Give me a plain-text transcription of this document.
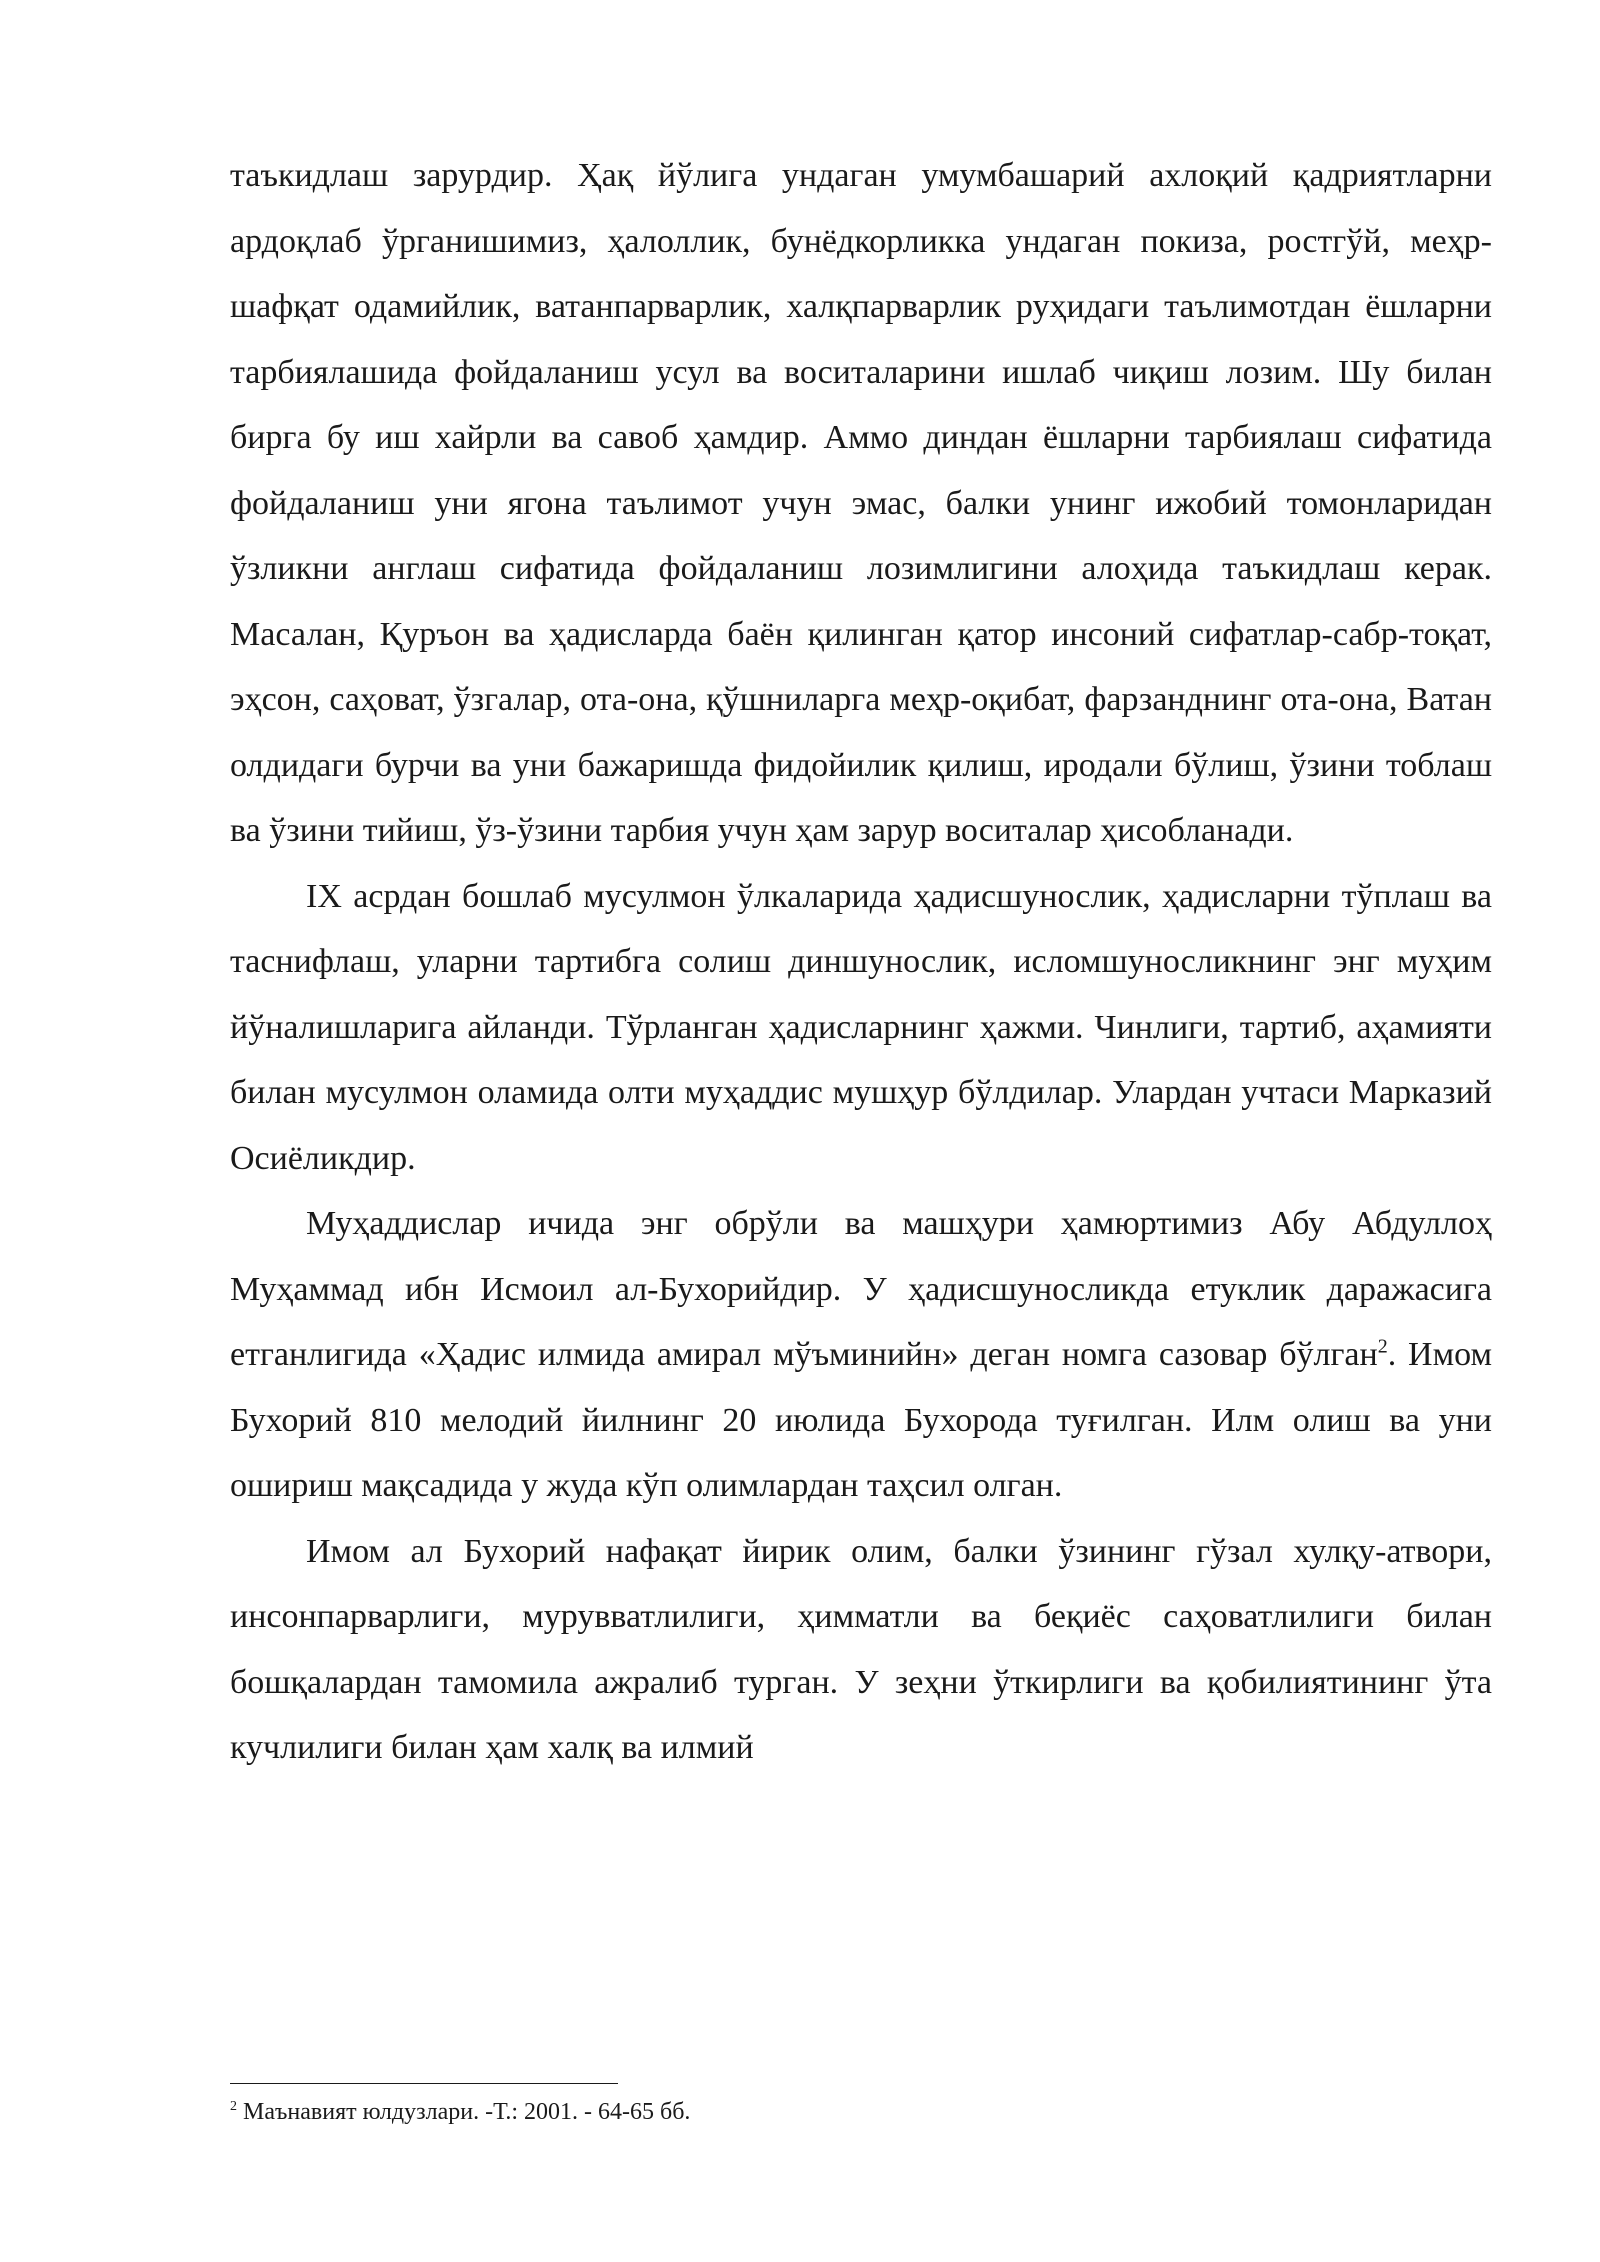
таъкидлаш зарурдир. Ҳақ йўлига ундаган умумбашарий ахлоқий қадриятларни ардоқлаб ўрганишимиз, ҳалоллик, бунёдкорликка ундаган покиза, ростгўй, меҳр-шафқат одамийлик, ватанпарварлик, халқпарварлик руҳидаги таълимотдан ёшларни тарбиялашида фойдаланиш усул ва воситаларини ишлаб чиқиш лозим. Шу билан бирга бу иш хайрли ва савоб ҳамдир. Аммо диндан ёшларни тарбиялаш сифатида фойдаланиш уни ягона таълимот учун эмас, балки унинг ижобий томонларидан ўзликни англаш сифатида фойдаланиш лозимлигини алоҳида таъкидлаш керак. Масалан, Қуръон ва ҳадисларда баён қилинган қатор инсоний сифатлар-сабр-тоқат, эҳсон, саҳоват, ўзгалар, ота-она, қўшниларга меҳр-оқибат, фарзанднинг ота-она, Ватан олдидаги бурчи ва уни бажаришда фидойилик қилиш, иродали бўлиш, ўзини тоблаш ва ўзини тийиш, ўз-ўзини тарбия учун ҳам зарур воситалар ҳисобланади.

IX асрдан бошлаб мусулмон ўлкаларида ҳадисшунослик, ҳадисларни тўплаш ва таснифлаш, уларни тартибга солиш диншунослик, исломшуносликнинг энг муҳим йўналишларига айланди. Тўрланган ҳадисларнинг ҳажми. Чинлиги, тартиб, аҳамияти билан мусулмон оламида олти муҳаддис мушҳур бўлдилар. Улардан учтаси Марказий Осиёликдир.

Муҳаддислар ичида энг обрўли ва машҳури ҳамюртимиз Абу Абдуллоҳ Муҳаммад ибн Исмоил ал-Бухорийдир. У ҳадисшуносликда етуклик даражасига етганлигида «Ҳадис илмида амирал мўъминийн» деган номга сазовар бўлган$^2$. Имом Бухорий 810 мелодий йилнинг 20 июлида Бухорода туғилган. Илм олиш ва уни ошириш мақсадида у жуда кўп олимлардан таҳсил олган.

Имом ал Бухорий нафақат йирик олим, балки ўзининг гўзал хулқу-атвори, инсонпарварлиги, мурувватлилиги, ҳимматли ва беқиёс саҳоватлилиги билан бошқалардан тамомила ажралиб турган. У зеҳни ўткирлиги ва қобилиятининг ўта кучлилиги билан ҳам халқ ва илмий

$^2$ Маънавият юлдузлари. -Т.: 2001. - 64-65 бб.
